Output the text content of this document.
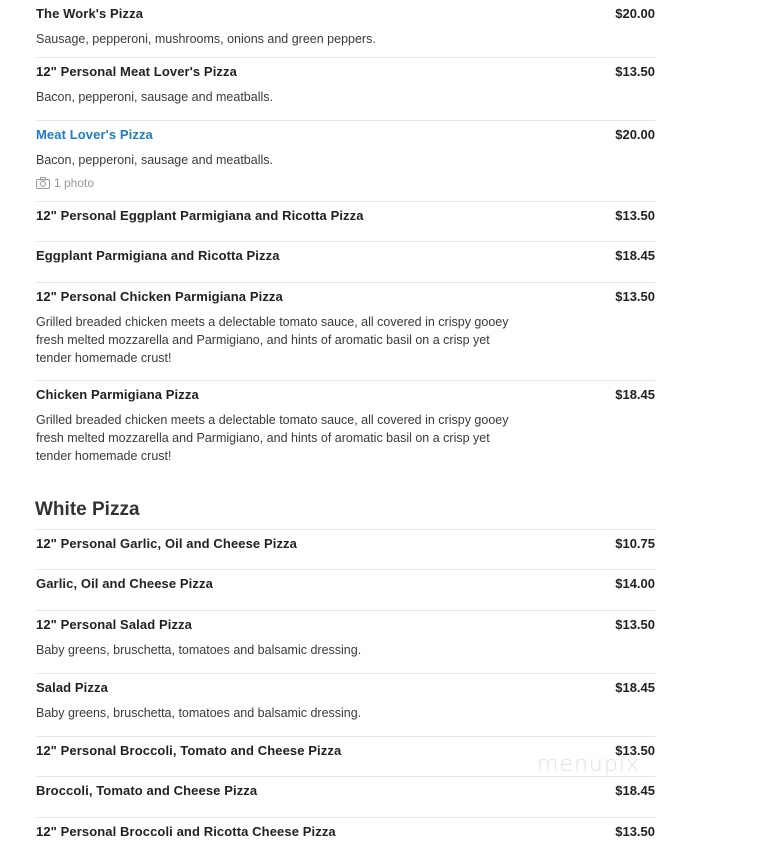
The Work's Pizza	$20.00
Sausage, pepperoni, mushrooms, onions and green peppers.
12" Personal Meat Lover's Pizza	$13.50
Bacon, pepperoni, sausage and meatballs.
Meat Lover's Pizza	$20.00
Bacon, pepperoni, sausage and meatballs.
1 photo
12" Personal Eggplant Parmigiana and Ricotta Pizza	$13.50
Eggplant Parmigiana and Ricotta Pizza	$18.45
12" Personal Chicken Parmigiana Pizza	$13.50
Grilled breaded chicken meets a delectable tomato sauce, all covered in crispy gooey fresh melted mozzarella and Parmigiano, and hints of aromatic basil on a crisp yet tender homemade crust!
Chicken Parmigiana Pizza	$18.45
Grilled breaded chicken meets a delectable tomato sauce, all covered in crispy gooey fresh melted mozzarella and Parmigiano, and hints of aromatic basil on a crisp yet tender homemade crust!
White Pizza
12" Personal Garlic, Oil and Cheese Pizza	$10.75
Garlic, Oil and Cheese Pizza	$14.00
12" Personal Salad Pizza	$13.50
Baby greens, bruschetta, tomatoes and balsamic dressing.
Salad Pizza	$18.45
Baby greens, bruschetta, tomatoes and balsamic dressing.
12" Personal Broccoli, Tomato and Cheese Pizza	$13.50
Broccoli, Tomato and Cheese Pizza	$18.45
12" Personal Broccoli and Ricotta Cheese Pizza	$13.50
menupix
